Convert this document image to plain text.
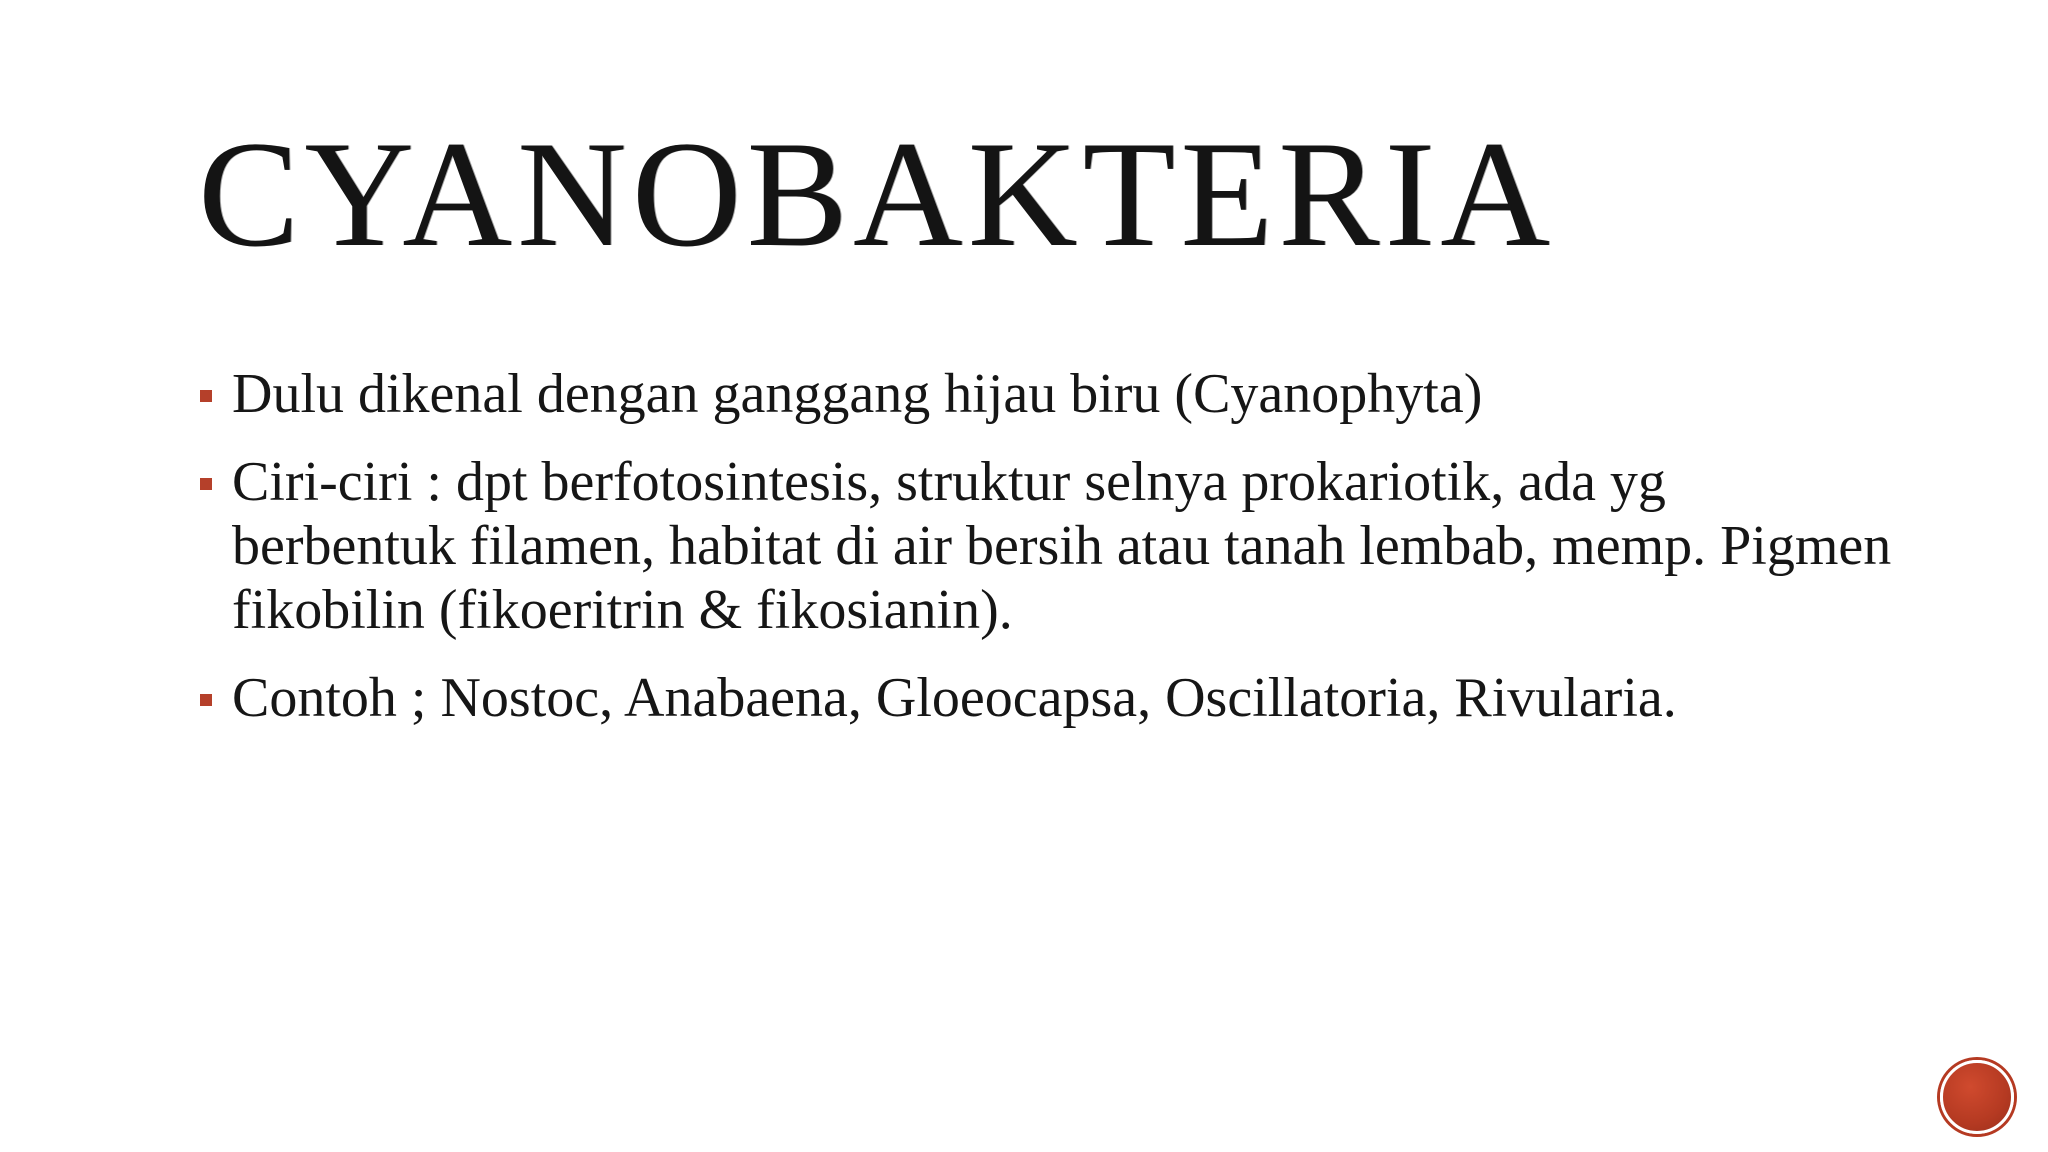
CYANOBAKTERIA
Dulu dikenal dengan ganggang hijau biru (Cyanophyta)
Ciri-ciri : dpt berfotosintesis, struktur selnya prokariotik, ada yg berbentuk filamen, habitat di air bersih atau tanah lembab, memp. Pigmen fikobilin (fikoeritrin & fikosianin).
Contoh ; Nostoc, Anabaena, Gloeocapsa, Oscillatoria, Rivularia.
